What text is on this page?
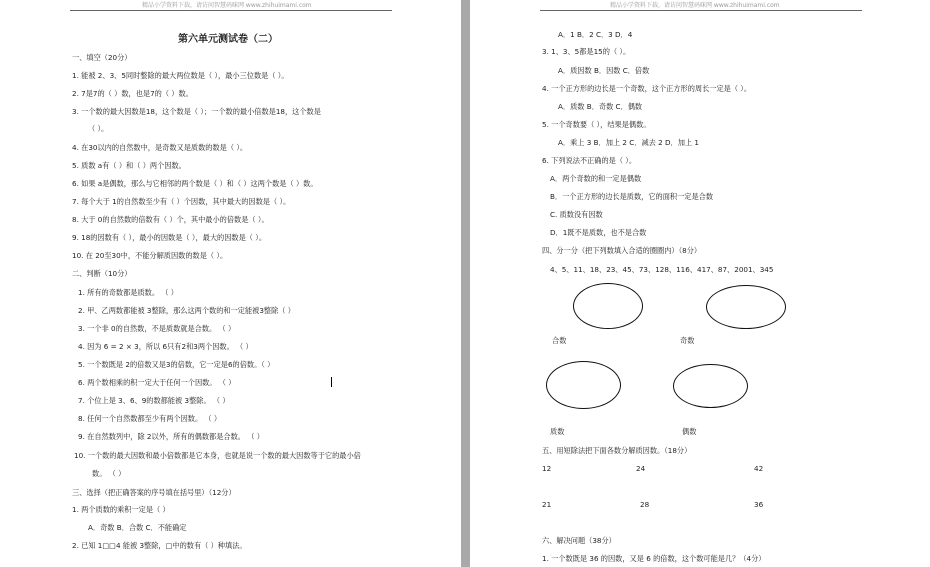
精品小学资料下载，请访问智慧码咪网 www.zhihuimami.com
第六单元测试卷（二）
一、填空（20分）
1. 能被 2、3、5同时整除的最大两位数是（ ），最小三位数是（ ）。
2. 7是7的（ ）数，也是7的（ ）数。
3. 一个数的最大因数是18，这个数是（ ）；一个数的最小倍数是18，这个数是
（ ）。
4. 在30以内的自然数中，是奇数又是质数的数是（ ）。
5. 质数 a有（ ）和（ ）两个因数。
6. 如果 a是偶数，那么与它相邻的两个数是（ ）和（ ）这两个数是（ ）数。
7. 每个大于 1的自然数至少有（ ）个因数，其中最大的因数是（ ）。
8. 大于 0的自然数的倍数有（ ）个，其中最小的倍数是（ ）。
9. 18的因数有（ ），最小的因数是（ ），最大的因数是（ ）。
10. 在 20至30中，不能分解质因数的数是（ ）。
二、判断（10分）
1. 所有的奇数都是质数。 （ ）
2. 甲、乙两数都能被 3整除，那么这两个数的和一定能被3整除（ ）
3. 一个非 0的自然数，不是质数就是合数。 （ ）
4. 因为 6 = 2 × 3，所以 6只有2和3两个因数。 （ ）
5. 一个数既是 2的倍数又是3的倍数，它一定是6的倍数。（ ）
6. 两个数相乘的积一定大于任何一个因数。 （ ）
7. 个位上是 3、6、9的数都能被 3整除。 （ ）
8. 任何一个自然数都至少有两个因数。 （ ）
9. 在自然数列中，除 2以外，所有的偶数都是合数。 （ ）
10. 一个数的最大因数和最小倍数都是它本身，也就是说一个数的最大因数等于它的最小倍
数。 （ ）
三、选择（把正确答案的序号填在括号里）（12分）
1. 两个质数的乘积一定是（ ）
A．奇数 B．合数 C．不能确定
2. 已知 1□□4 能被 3整除，□中的数有（ ）种填法。
精品小学资料下载，请访问智慧码咪网 www.zhihuimami.com
A．1 B．2 C．3 D．4
3. 1、3、5都是15的（ ）。
A．质因数 B．因数 C．倍数
4. 一个正方形的边长是一个奇数，这个正方形的周长一定是（ ）。
A．质数 B．奇数 C．偶数
5. 一个奇数要（ ），结果是偶数。
A．乘上 3 B．加上 2 C．减去 2 D．加上 1
6. 下列说法不正确的是（ ）。
A．两个奇数的和一定是偶数
B．一个正方形的边长是质数，它的面积一定是合数
C. 质数没有因数
D．1既不是质数，也不是合数
四、分一分（把下列数填入合适的圈圈内）（8分）
4、5、11、18、23、45、73、128、116、417、87、2001、345
合数	奇数
质数	偶数
五、用短除法把下面各数分解质因数。（18分）
12	24	42
21	28	36
六、解决问题（38分）
1. 一个数既是 36 的因数，又是 6 的倍数，这个数可能是几？（4分）
